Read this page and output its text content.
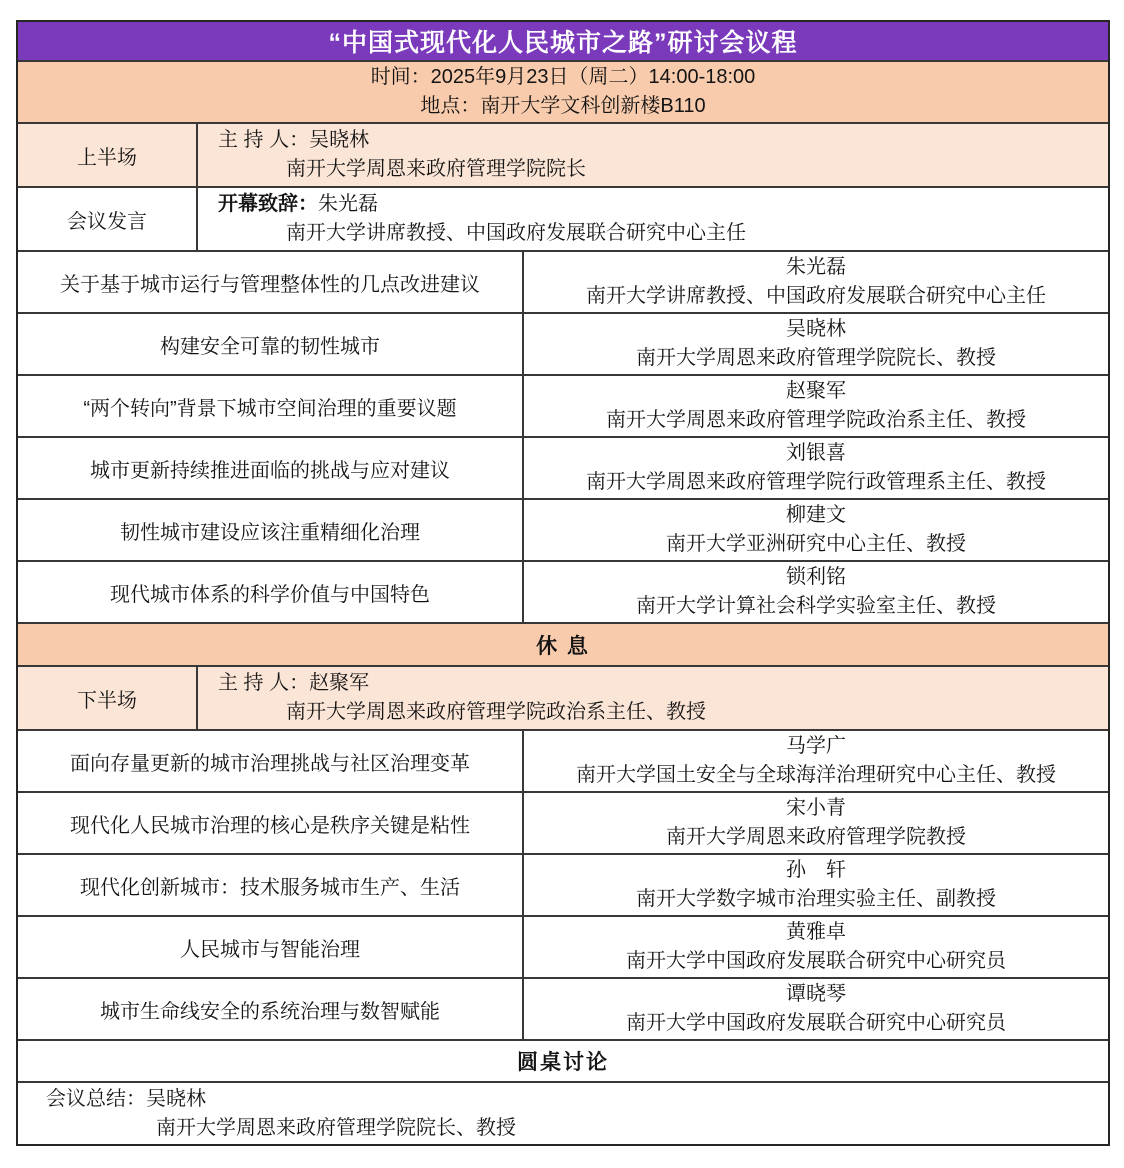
“中国式现代化人民城市之路”研讨会议程
时间：2025年9月23日（周二）14:00-18:00
地点：南开大学文科创新楼B110
上半场
主 持 人：吴晓林
南开大学周恩来政府管理学院院长
会议发言
开幕致辞：朱光磊
南开大学讲席教授、中国政府发展联合研究中心主任
关于基于城市运行与管理整体性的几点改进建议
朱光磊
南开大学讲席教授、中国政府发展联合研究中心主任
构建安全可靠的韧性城市
吴晓林
南开大学周恩来政府管理学院院长、教授
“两个转向”背景下城市空间治理的重要议题
赵聚军
南开大学周恩来政府管理学院政治系主任、教授
城市更新持续推进面临的挑战与应对建议
刘银喜
南开大学周恩来政府管理学院行政管理系主任、教授
韧性城市建设应该注重精细化治理
柳建文
南开大学亚洲研究中心主任、教授
现代城市体系的科学价值与中国特色
锁利铭
南开大学计算社会科学实验室主任、教授
休 息
下半场
主 持 人：赵聚军
南开大学周恩来政府管理学院政治系主任、教授
面向存量更新的城市治理挑战与社区治理变革
马学广
南开大学国土安全与全球海洋治理研究中心主任、教授
现代化人民城市治理的核心是秩序关键是粘性
宋小青
南开大学周恩来政府管理学院教授
现代化创新城市：技术服务城市生产、生活
孙　轩
南开大学数字城市治理实验主任、副教授
人民城市与智能治理
黄雅卓
南开大学中国政府发展联合研究中心研究员
城市生命线安全的系统治理与数智赋能
谭晓琴
南开大学中国政府发展联合研究中心研究员
圆桌讨论
会议总结：吴晓林
南开大学周恩来政府管理学院院长、教授
